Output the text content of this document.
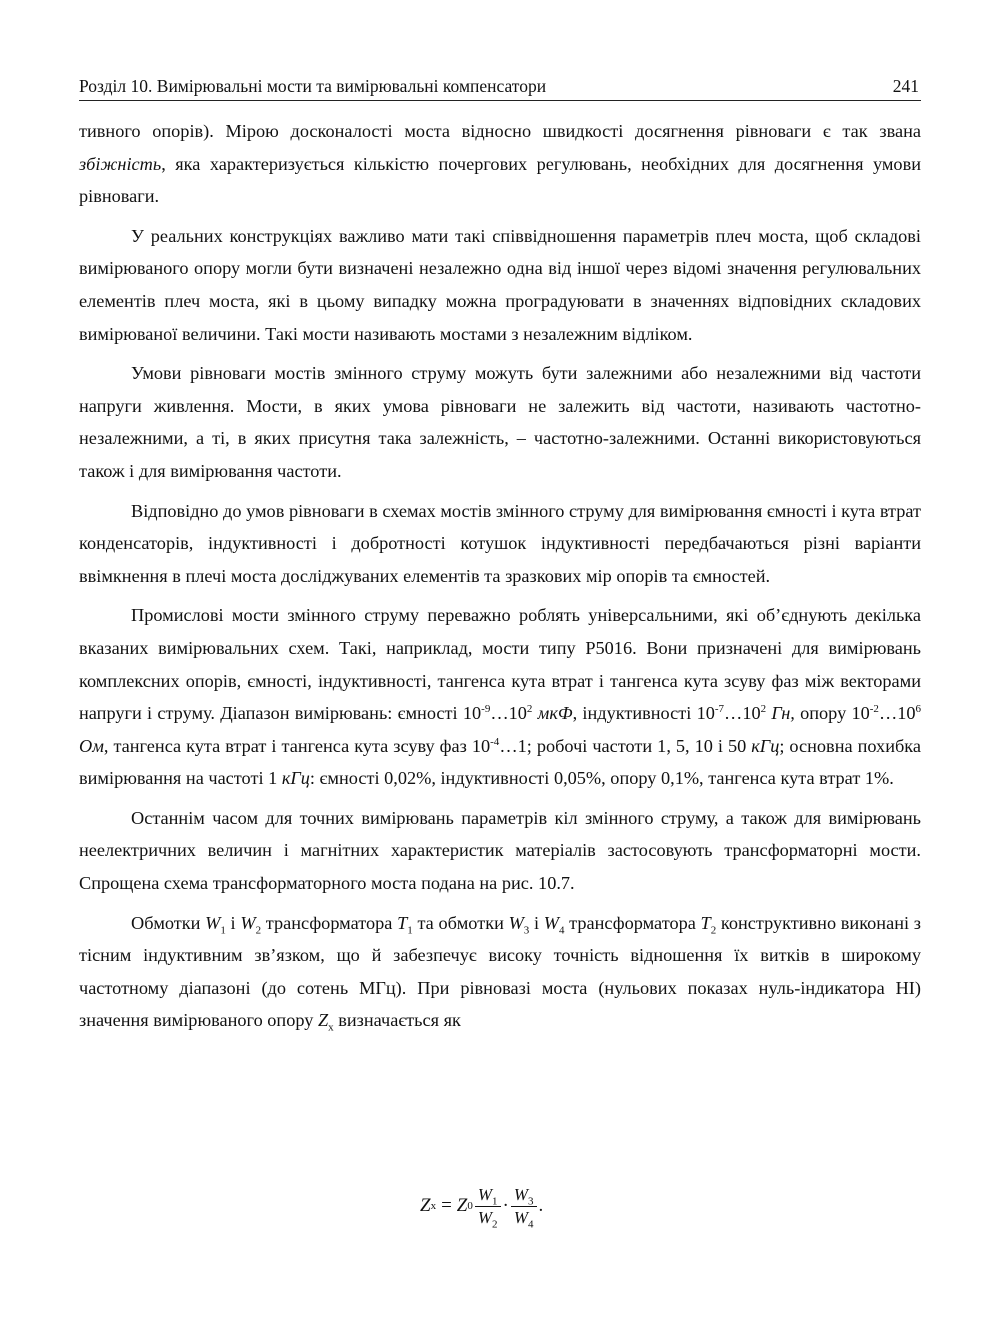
Розділ 10. Вимірювальні мости та вимірювальні компенсатори	241

тивного опорів). Мірою досконалості моста відносно швидкості досягнення рівноваги є так звана збіжність, яка характеризується кількістю почергових регулювань, необхідних для досягнення умови рівноваги.

У реальних конструкціях важливо мати такі співвідношення параметрів плеч моста, щоб складові вимірюваного опору могли бути визначені незалежно одна від іншої через відомі значення регулювальних елементів плеч моста, які в цьому випадку можна проградуювати в значеннях відповідних складових вимірюваної величини. Такі мости називають мостами з незалежним відліком.

Умови рівноваги мостів змінного струму можуть бути залежними або незалежними від частоти напруги живлення. Мости, в яких умова рівноваги не залежить від частоти, називають частотно-незалежними, а ті, в яких присутня така залежність, – частотно-залежними. Останні використовуються також і для вимірювання частоти.

Відповідно до умов рівноваги в схемах мостів змінного струму для вимірювання ємності і кута втрат конденсаторів, індуктивності і добротності котушок індуктивності передбачаються різні варіанти ввімкнення в плечі моста досліджуваних елементів та зразкових мір опорів та ємностей.

Промислові мости змінного струму переважно роблять універсальними, які об’єднують декілька вказаних вимірювальних схем. Такі, наприклад, мости типу Р5016. Вони призначені для вимірювань комплексних опорів, ємності, індуктивності, тангенса кута втрат і тангенса кута зсуву фаз між векторами напруги і струму. Діапазон вимірювань: ємності $10^{-9}\dots 10^2$ мкФ, індуктивності $10^{-7}\dots 10^2$ Гн, опору $10^{-2}\dots 10^6$ Ом, тангенса кута втрат і тангенса кута зсуву фаз $10^{-4}\dots 1$; робочі частоти 1, 5, 10 і 50 кГц; основна похибка вимірювання на частоті 1 кГц: ємності 0,02%, індуктивності 0,05%, опору 0,1%, тангенса кута втрат 1%.

Останнім часом для точних вимірювань параметрів кіл змінного струму, а також для вимірювань неелектричних величин і магнітних характеристик матеріалів застосовують трансформаторні мости. Спрощена схема трансформаторного моста подана на рис. 10.7.

Обмотки $W_1$ і $W_2$ трансформатора $T_1$ та обмотки $W_3$ і $W_4$ трансформатора $T_2$ конструктивно виконані з тісним індуктивним зв’язком, що й забезпечує високу точність відношення їх витків в широкому частотному діапазоні (до сотень МГц). При рівновазі моста (нульових показах нуль-індикатора НІ) значення вимірюваного опору $Z_x$ визначається як

Z x = Z $0 \frac{W_1}{W_2} \cdot \frac{W_3}{W_4}$ .
